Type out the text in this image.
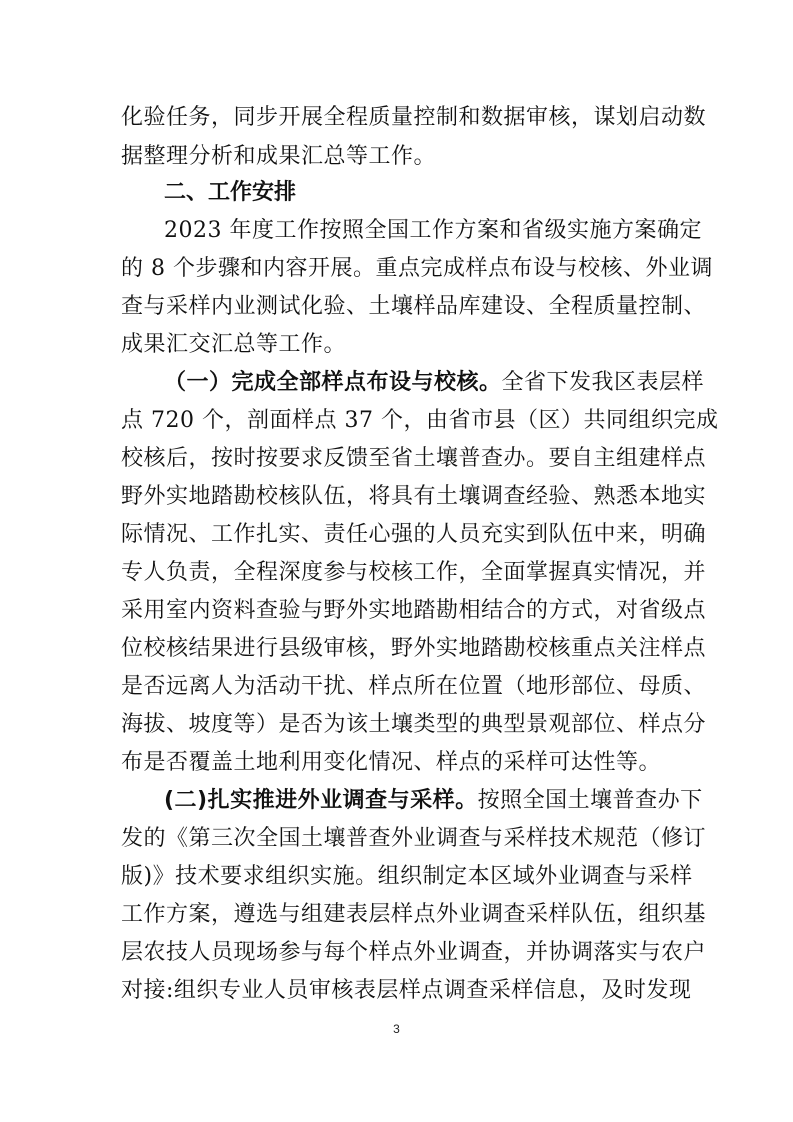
化验任务，同步开展全程质量控制和数据审核，谋划启动数
据整理分析和成果汇总等工作。
二、工作安排
2023 年度工作按照全国工作方案和省级实施方案确定
的 8 个步骤和内容开展。重点完成样点布设与校核、外业调
查与采样内业测试化验、土壤样品库建设、全程质量控制、
成果汇交汇总等工作。
（一）完成全部样点布设与校核。全省下发我区表层样
点 720 个，剖面样点 37 个，由省市县（区）共同组织完成
校核后，按时按要求反馈至省土壤普查办。要自主组建样点
野外实地踏勘校核队伍，将具有土壤调查经验、熟悉本地实
际情况、工作扎实、责任心强的人员充实到队伍中来，明确
专人负责，全程深度参与校核工作，全面掌握真实情况，并
采用室内资料查验与野外实地踏勘相结合的方式，对省级点
位校核结果进行县级审核，野外实地踏勘校核重点关注样点
是否远离人为活动干扰、样点所在位置（地形部位、母质、
海拔、坡度等）是否为该土壤类型的典型景观部位、样点分
布是否覆盖土地利用变化情况、样点的采样可达性等。
(二)扎实推进外业调查与采样。按照全国土壤普查办下
发的《第三次全国土壤普查外业调查与采样技术规范（修订
版)》技术要求组织实施。组织制定本区域外业调查与采样
工作方案，遵选与组建表层样点外业调查采样队伍，组织基
层农技人员现场参与每个样点外业调查，并协调落实与农户
对接:组织专业人员审核表层样点调查采样信息，及时发现
3
